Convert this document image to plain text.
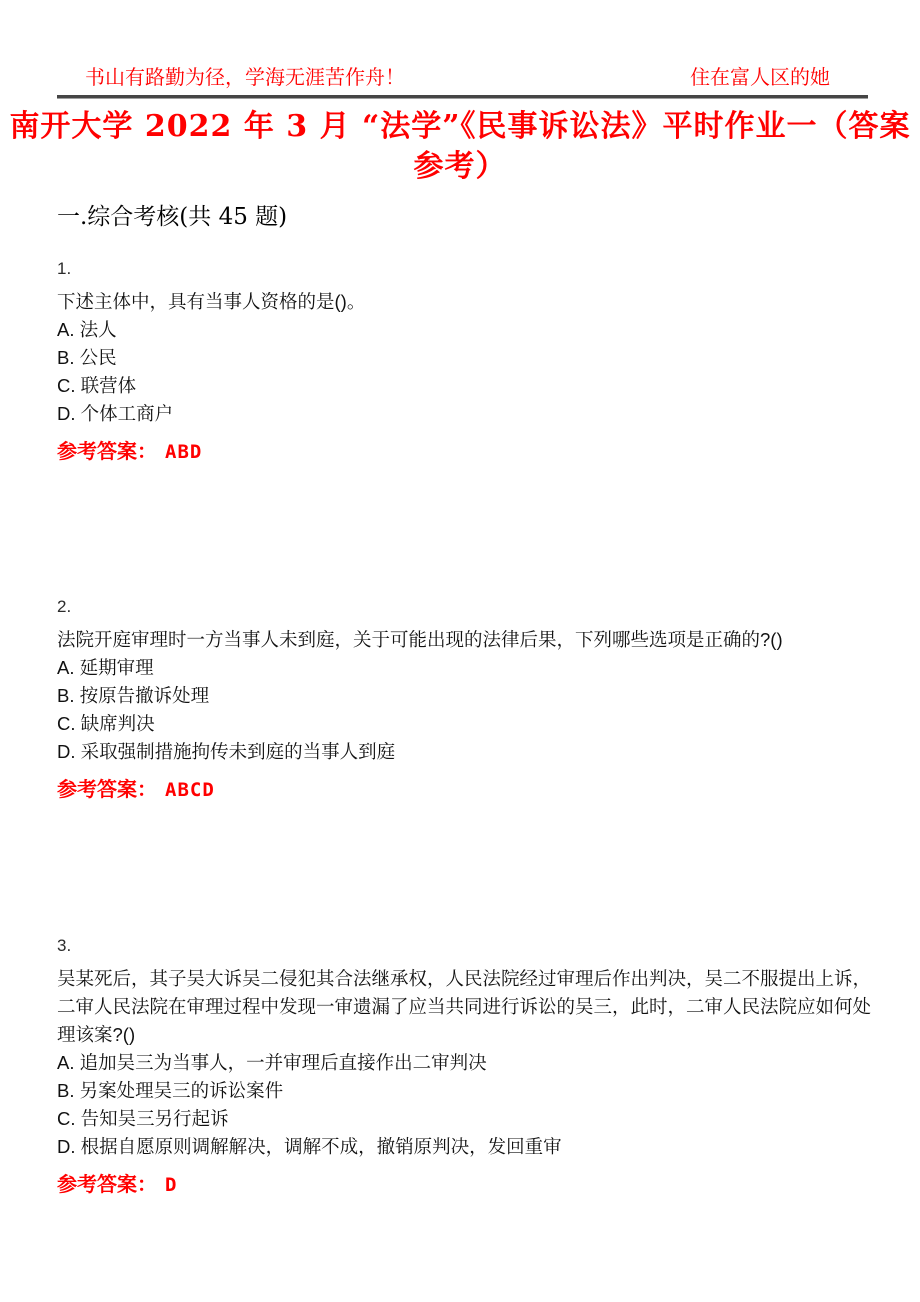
书山有路勤为径，学海无涯苦作舟！	住在富人区的她
南开大学 2022 年 3 月 “法学”《民事诉讼法》平时作业一（答案
参考）
一.综合考核(共 45 题)
1.
下述主体中，具有当事人资格的是()。
A. 法人
B. 公民
C. 联营体
D. 个体工商户
参考答案： ABD
2.
法院开庭审理时一方当事人未到庭，关于可能出现的法律后果，下列哪些选项是正确的?()
A. 延期审理
B. 按原告撤诉处理
C. 缺席判决
D. 采取强制措施拘传未到庭的当事人到庭
参考答案： ABCD
3.
吴某死后，其子吴大诉吴二侵犯其合法继承权，人民法院经过审理后作出判决，吴二不服提出上诉，二审人民法院在审理过程中发现一审遗漏了应当共同进行诉讼的吴三，此时，二审人民法院应如何处理该案?()
A. 追加吴三为当事人，一并审理后直接作出二审判决
B. 另案处理吴三的诉讼案件
C. 告知吴三另行起诉
D. 根据自愿原则调解解决，调解不成，撤销原判决，发回重审
参考答案： D
